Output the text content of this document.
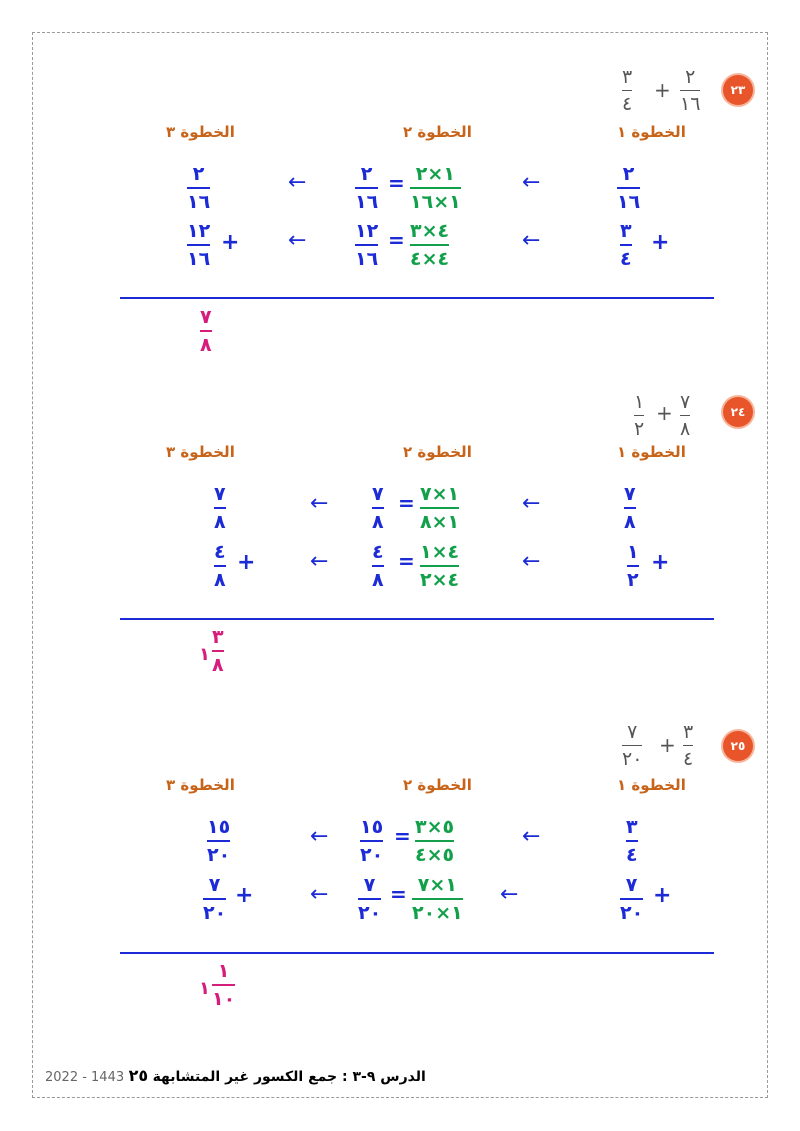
٢٣
٢
١٦
+
٣
٤
الخطوة ١
الخطوة ٢
الخطوة ٣
٢
١٦
←
١×٢
١×١٦
=
٢
١٦
←
٢
١٦
+
٣
٤
←
٤×٣
٤×٤
=
١٢
١٦
←
+
١٢
١٦
٧
٨
٢٤
٧
٨
+
١
٢
الخطوة ١
الخطوة ٢
الخطوة ٣
٧
٨
←
١×٧
١×٨
=
٧
٨
←
٧
٨
+
١
٢
←
٤×١
٤×٢
=
٤
٨
←
+
٤
٨
١ $\frac{٣}{٨}$
٢٥
٣
٤
+
٧
٢٠
الخطوة ١
الخطوة ٢
الخطوة ٣
٣
٤
←
٥×٣
٥×٤
=
١٥
٢٠
←
١٥
٢٠
+
٧
٢٠
←
١×٧
١×٢٠
=
٧
٢٠
←
+
٧
٢٠
١ $\frac{١}{١٠}$
2022 - 1443 ٢٥ الدرس ٩-٣ : جمع الكسور غير المتشابهة
